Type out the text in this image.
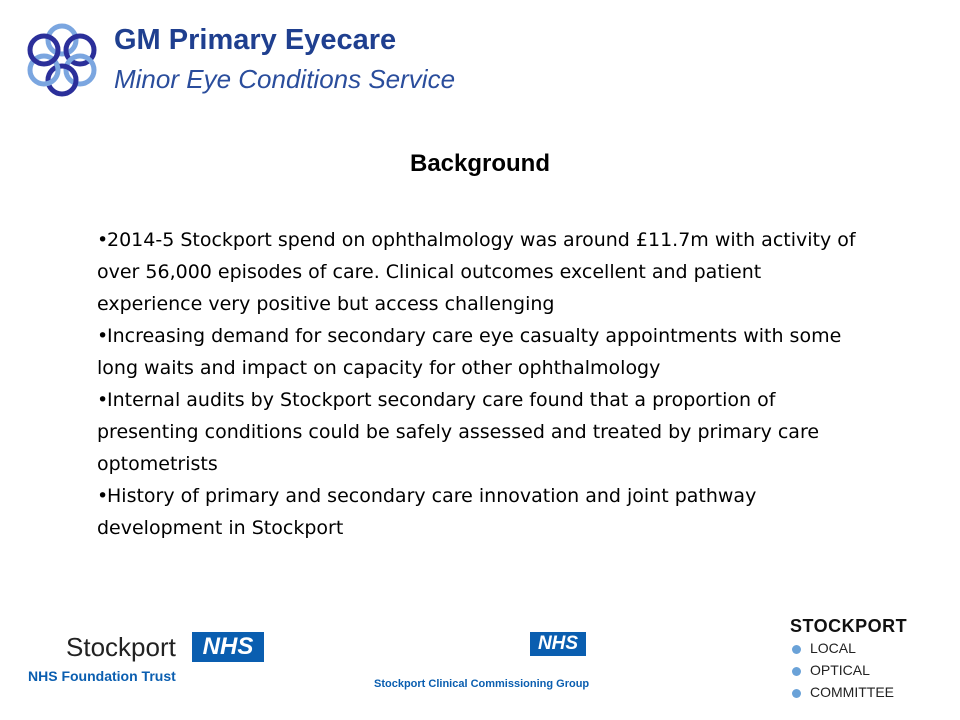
GM Primary Eyecare
Minor Eye Conditions Service
Background
•2014-5 Stockport spend on ophthalmology was around £11.7m with activity of over 56,000 episodes of care. Clinical outcomes excellent and patient experience very positive but access challenging
•Increasing demand for secondary care eye casualty appointments with some long waits and impact on capacity for other ophthalmology
•Internal audits by Stockport secondary care found that a proportion of presenting conditions could be safely assessed and treated by primary care optometrists
•History of primary and secondary care innovation and joint pathway development in Stockport
Stockport	NHS
NHS Foundation Trust
NHS
Stockport Clinical Commissioning Group
STOCKPORT
LOCAL
OPTICAL
COMMITTEE
